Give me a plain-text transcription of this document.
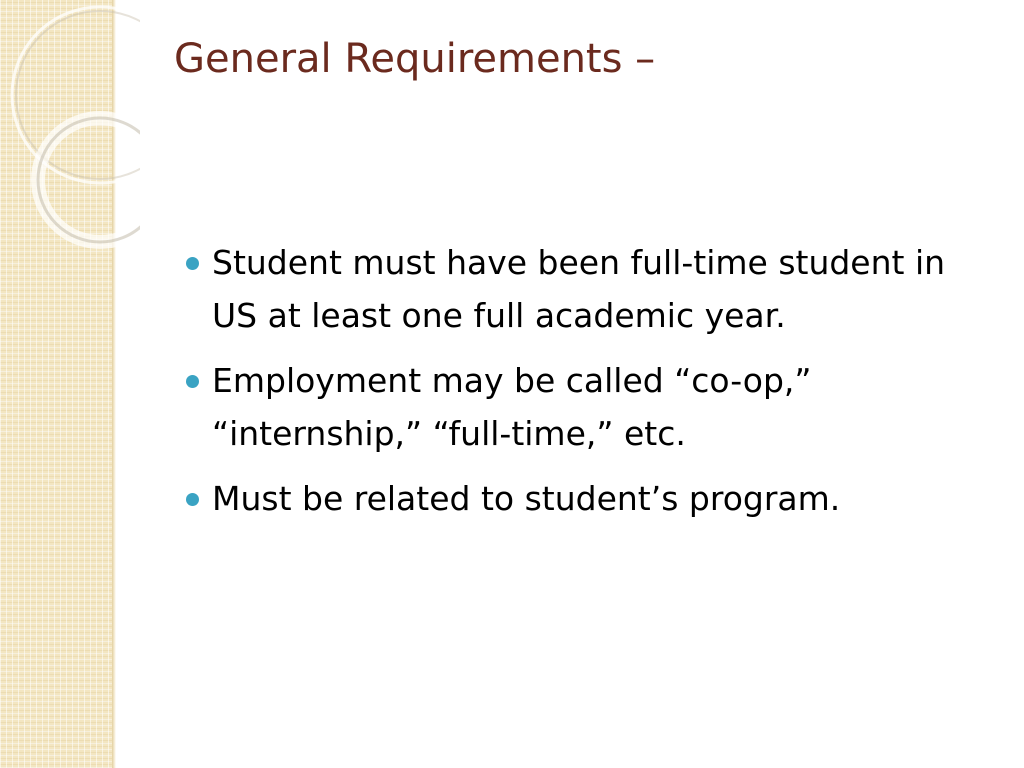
General Requirements –
Student must have been full-time student in US at least one full academic year.
Employment may be called “co-op,” “internship,” “full-time,” etc.
Must be related to student’s program.
